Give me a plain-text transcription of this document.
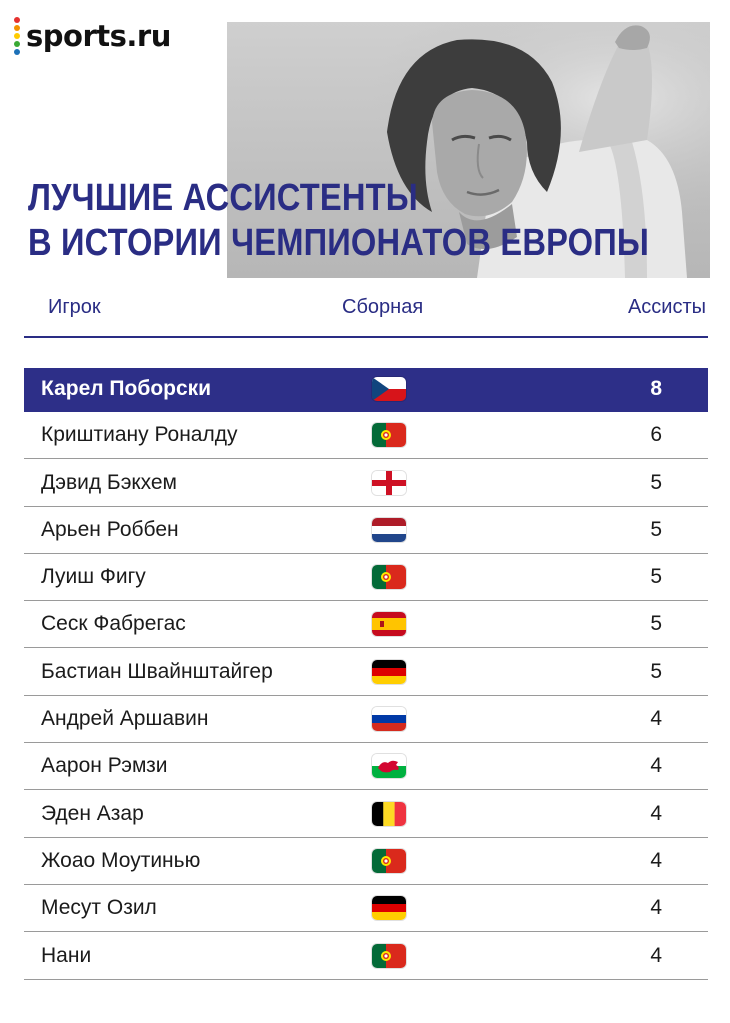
sports.ru
ЛУЧШИЕ АССИСТЕНТЫ
В ИСТОРИИ ЧЕМПИОНАТОВ ЕВРОПЫ
Игрок	Сборная	Ассисты
Карел Поборски	8
Криштиану Роналду	6
Дэвид Бэкхем	5
Арьен Роббен	5
Луиш Фигу	5
Сеск Фабрегас	5
Бастиан Швайнштайгер	5
Андрей Аршавин	4
Аарон Рэмзи	4
Эден Азар	4
Жоао Моутинью	4
Месут Озил	4
Нани	4
